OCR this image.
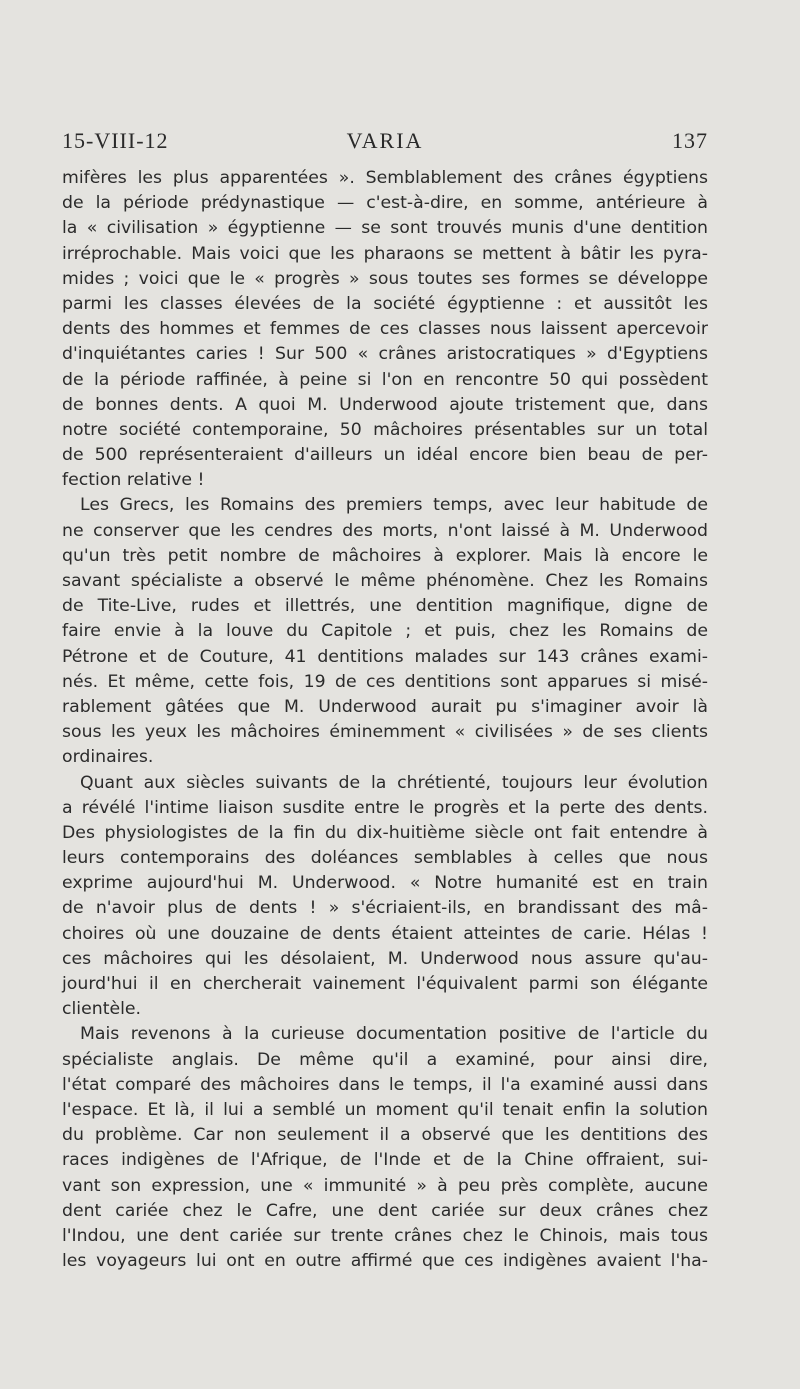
15-VIII-12	VARIA	137
mifères les plus apparentées ». Semblablement des crânes égyptiens
de la période prédynastique — c'est-à-dire, en somme, antérieure à
la « civilisation » égyptienne — se sont trouvés munis d'une dentition
irréprochable. Mais voici que les pharaons se mettent à bâtir les pyra-
mides ; voici que le « progrès » sous toutes ses formes se développe
parmi les classes élevées de la société égyptienne : et aussitôt les
dents des hommes et femmes de ces classes nous laissent apercevoir
d'inquiétantes caries ! Sur 500 « crânes aristocratiques » d'Egyptiens
de la période raffinée, à peine si l'on en rencontre 50 qui possèdent
de bonnes dents. A quoi M. Underwood ajoute tristement que, dans
notre société contemporaine, 50 mâchoires présentables sur un total
de 500 représenteraient d'ailleurs un idéal encore bien beau de per-
fection relative !
Les Grecs, les Romains des premiers temps, avec leur habitude de
ne conserver que les cendres des morts, n'ont laissé à M. Underwood
qu'un très petit nombre de mâchoires à explorer. Mais là encore le
savant spécialiste a observé le même phénomène. Chez les Romains
de Tite-Live, rudes et illettrés, une dentition magnifique, digne de
faire envie à la louve du Capitole ; et puis, chez les Romains de
Pétrone et de Couture, 41 dentitions malades sur 143 crânes exami-
nés. Et même, cette fois, 19 de ces dentitions sont apparues si misé-
rablement gâtées que M. Underwood aurait pu s'imaginer avoir là
sous les yeux les mâchoires éminemment « civilisées » de ses clients
ordinaires.
Quant aux siècles suivants de la chrétienté, toujours leur évolution
a révélé l'intime liaison susdite entre le progrès et la perte des dents.
Des physiologistes de la fin du dix-huitième siècle ont fait entendre à
leurs contemporains des doléances semblables à celles que nous
exprime aujourd'hui M. Underwood. « Notre humanité est en train
de n'avoir plus de dents ! » s'écriaient-ils, en brandissant des mâ-
choires où une douzaine de dents étaient atteintes de carie. Hélas !
ces mâchoires qui les désolaient, M. Underwood nous assure qu'au-
jourd'hui il en chercherait vainement l'équivalent parmi son élégante
clientèle.
Mais revenons à la curieuse documentation positive de l'article du
spécialiste anglais. De même qu'il a examiné, pour ainsi dire,
l'état comparé des mâchoires dans le temps, il l'a examiné aussi dans
l'espace. Et là, il lui a semblé un moment qu'il tenait enfin la solution
du problème. Car non seulement il a observé que les dentitions des
races indigènes de l'Afrique, de l'Inde et de la Chine offraient, sui-
vant son expression, une « immunité » à peu près complète, aucune
dent cariée chez le Cafre, une dent cariée sur deux crânes chez
l'Indou, une dent cariée sur trente crânes chez le Chinois, mais tous
les voyageurs lui ont en outre affirmé que ces indigènes avaient l'ha-
